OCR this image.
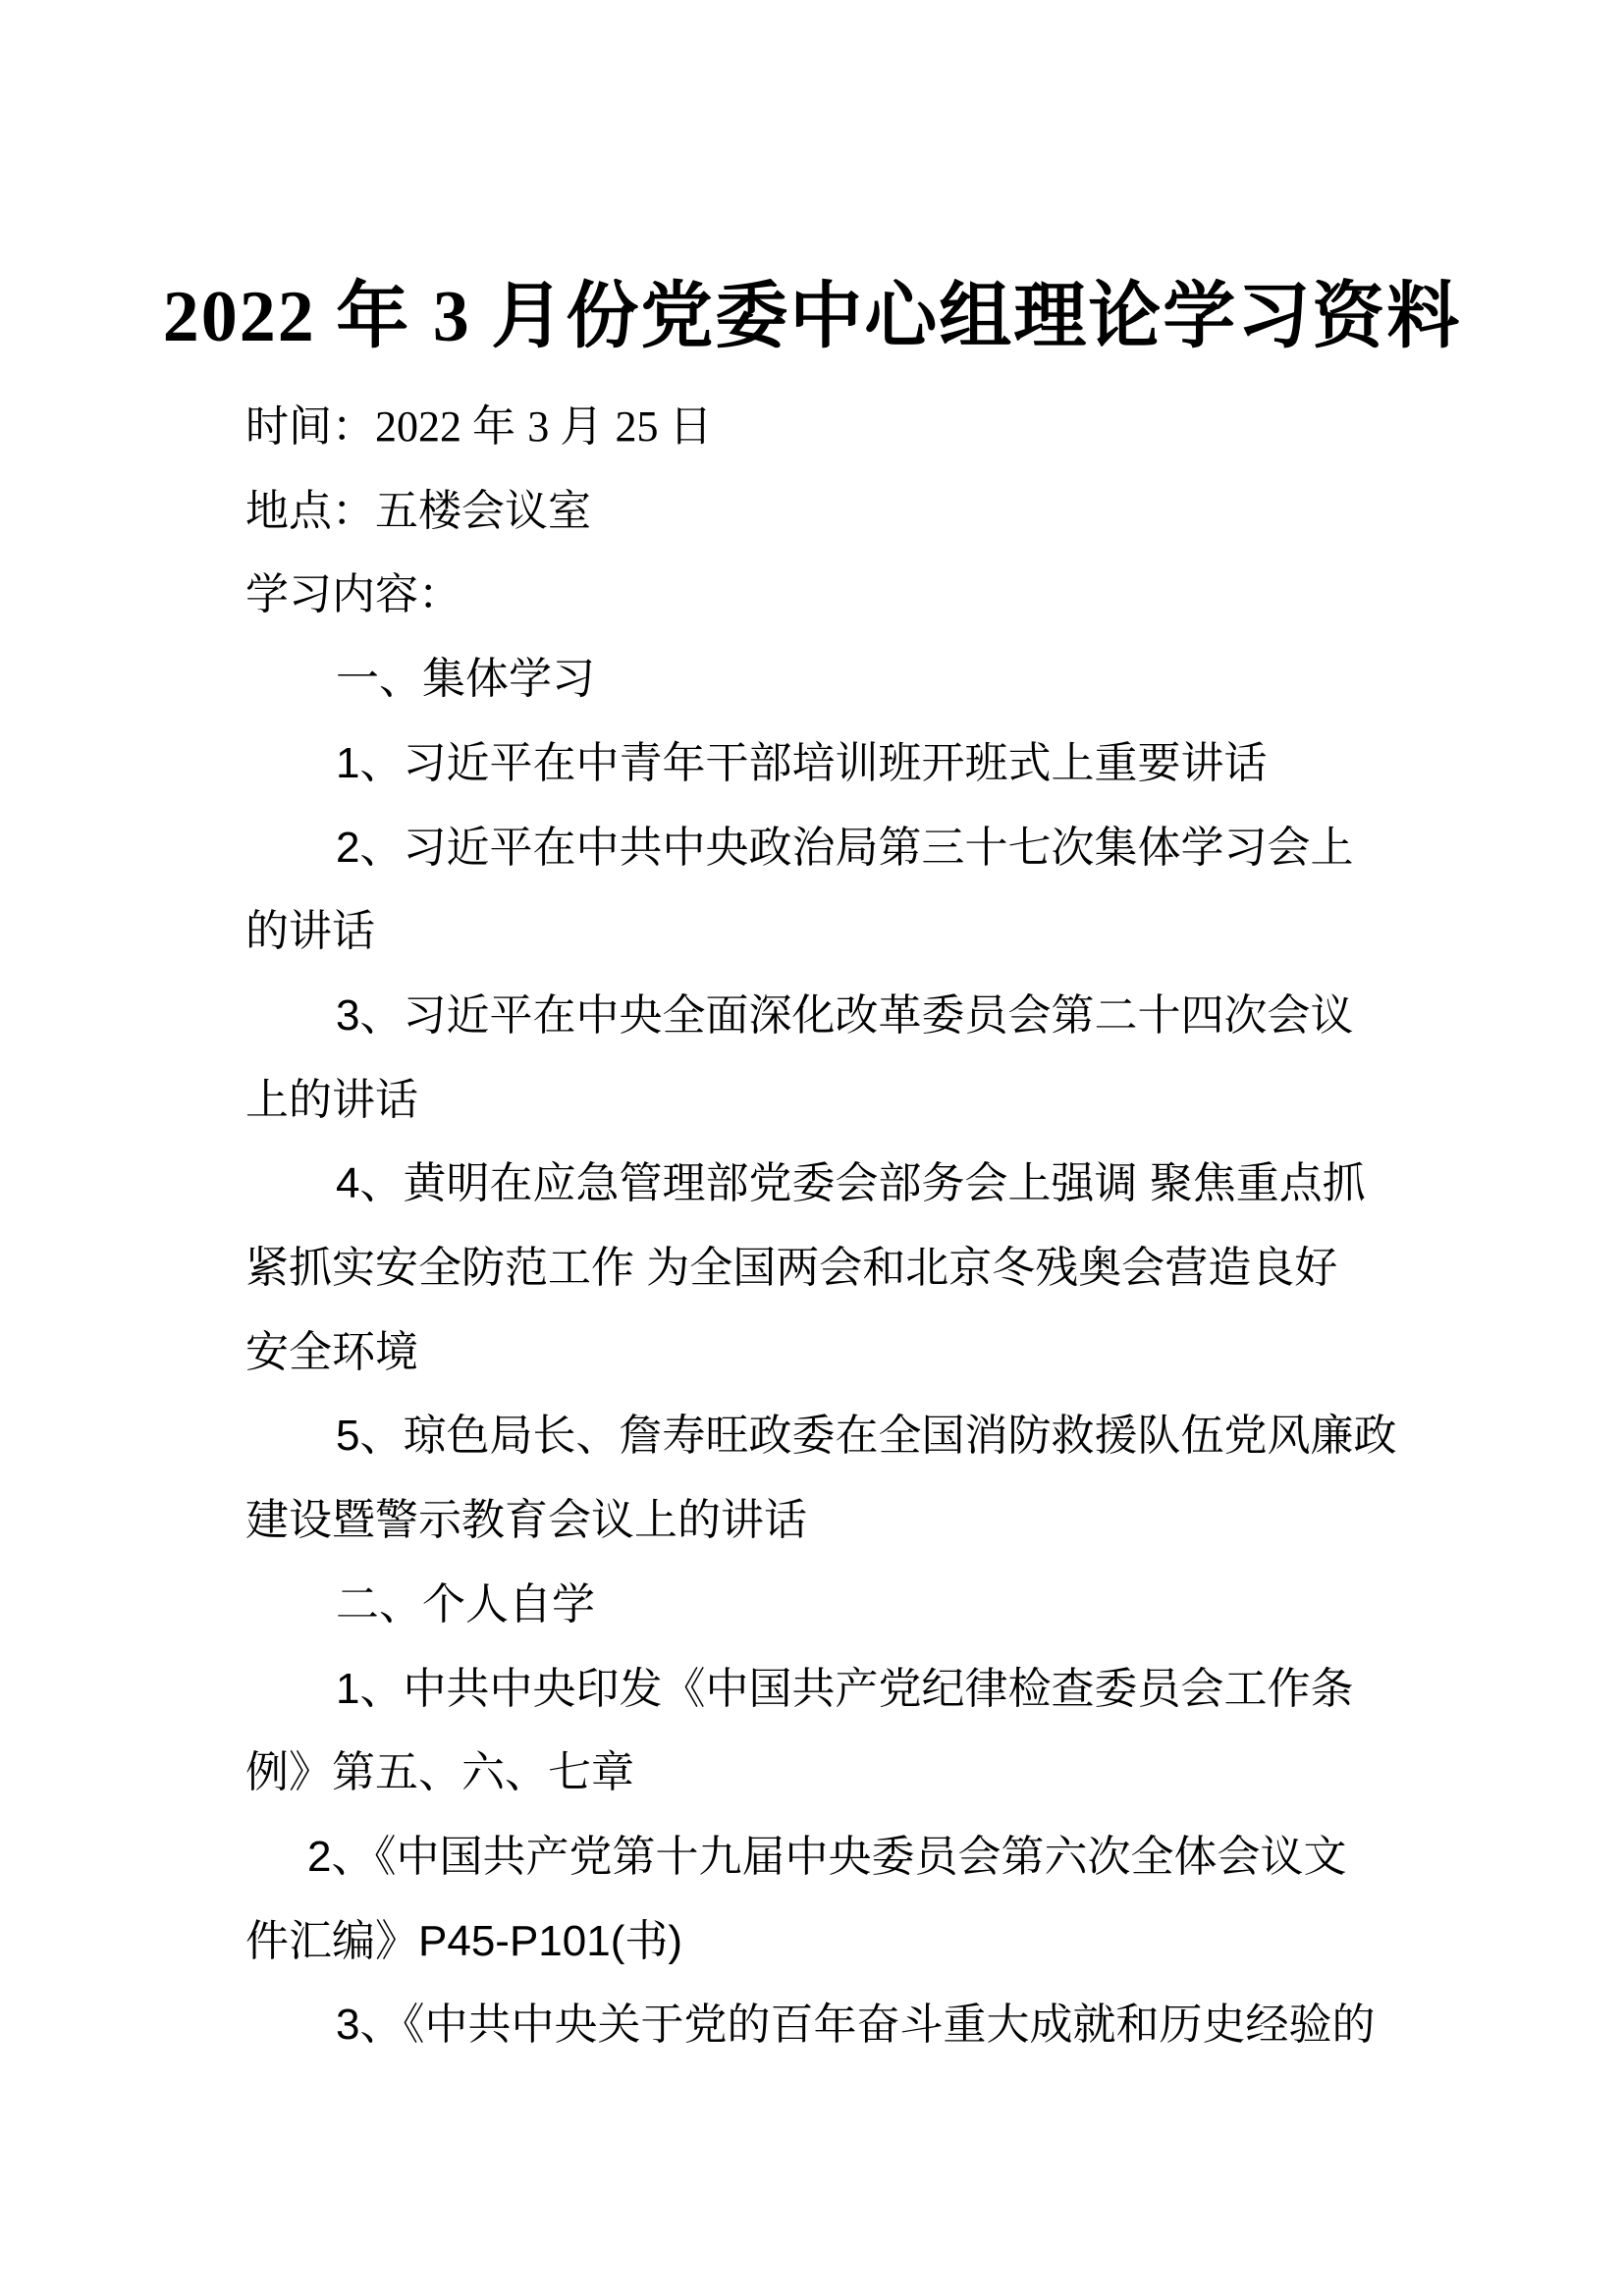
2022 年 3 月份党委中心组理论学习资料
时间：2022 年 3 月 25 日
地点：五楼会议室
学习内容：
一、集体学习
1、习近平在中青年干部培训班开班式上重要讲话
2、习近平在中共中央政治局第三十七次集体学习会上
的讲话
3、习近平在中央全面深化改革委员会第二十四次会议
上的讲话
4、黄明在应急管理部党委会部务会上强调 聚焦重点抓
紧抓实安全防范工作 为全国两会和北京冬残奥会营造良好
安全环境
5、琼色局长、詹寿旺政委在全国消防救援队伍党风廉政
建设暨警示教育会议上的讲话
二、个人自学
1、中共中央印发《中国共产党纪律检查委员会工作条
例》第五、六、七章
2、《中国共产党第十九届中央委员会第六次全体会议文
件汇编》P45-P101(书)
3、《中共中央关于党的百年奋斗重大成就和历史经验的
